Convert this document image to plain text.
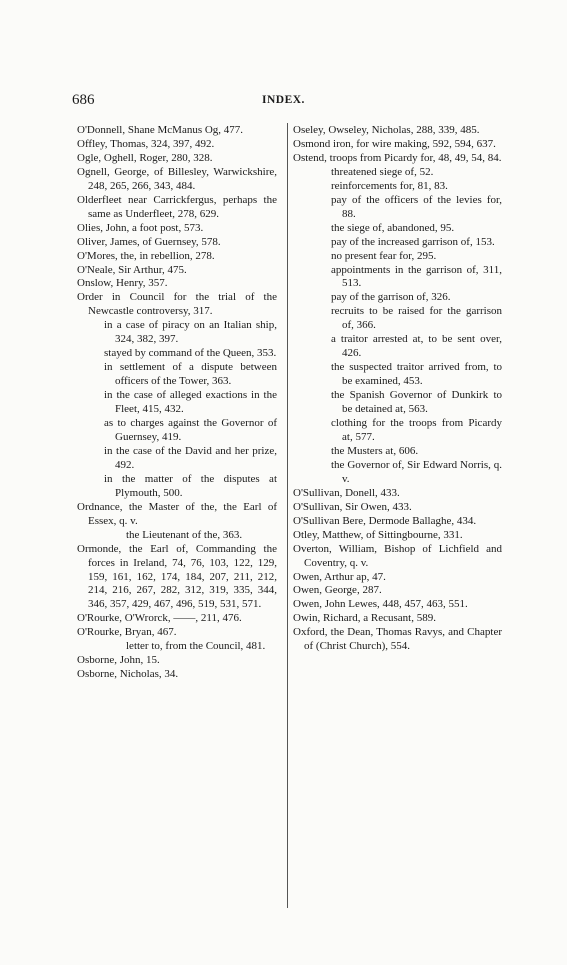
686	INDEX.

O'Donnell, Shane McManus Og, 477.

Offley, Thomas, 324, 397, 492.

Ogle, Oghell, Roger, 280, 328.

Ognell, George, of Billesley, Warwickshire, 248, 265, 266, 343, 484.

Olderfleet near Carrickfergus, perhaps the same as Underfleet, 278, 629.

Olies, John, a foot post, 573.

Oliver, James, of Guernsey, 578.

O'Mores, the, in rebellion, 278.

O'Neale, Sir Arthur, 475.

Onslow, Henry, 357.

Order in Council for the trial of the Newcastle controversy, 317.

in a case of piracy on an Italian ship, 324, 382, 397.

stayed by command of the Queen, 353.

in settlement of a dispute between officers of the Tower, 363.

in the case of alleged exactions in the Fleet, 415, 432.

as to charges against the Governor of Guernsey, 419.

in the case of the David and her prize, 492.

in the matter of the disputes at Plymouth, 500.

Ordnance, the Master of the, the Earl of Essex, q. v.

the Lieutenant of the, 363.

Ormonde, the Earl of, Commanding the forces in Ireland, 74, 76, 103, 122, 129, 159, 161, 162, 174, 184, 207, 211, 212, 214, 216, 267, 282, 312, 319, 335, 344, 346, 357, 429, 467, 496, 519, 531, 571.

O'Rourke, O'Wrorck, ——, 211, 476.

O'Rourke, Bryan, 467.

letter to, from the Council, 481.

Osborne, John, 15.

Osborne, Nicholas, 34.

Oseley, Owseley, Nicholas, 288, 339, 485.

Osmond iron, for wire making, 592, 594, 637.

Ostend, troops from Picardy for, 48, 49, 54, 84.

threatened siege of, 52.

reinforcements for, 81, 83.

pay of the officers of the levies for, 88.

the siege of, abandoned, 95.

pay of the increased garrison of, 153.

no present fear for, 295.

appointments in the garrison of, 311, 513.

pay of the garrison of, 326.

recruits to be raised for the garrison of, 366.

a traitor arrested at, to be sent over, 426.

the suspected traitor arrived from, to be examined, 453.

the Spanish Governor of Dunkirk to be detained at, 563.

clothing for the troops from Picardy at, 577.

the Musters at, 606.

the Governor of, Sir Edward Norris, q. v.

O'Sullivan, Donell, 433.

O'Sullivan, Sir Owen, 433.

O'Sullivan Bere, Dermode Ballaghe, 434.

Otley, Matthew, of Sittingbourne, 331.

Overton, William, Bishop of Lichfield and Coventry, q. v.

Owen, Arthur ap, 47.

Owen, George, 287.

Owen, John Lewes, 448, 457, 463, 551.

Owin, Richard, a Recusant, 589.

Oxford, the Dean, Thomas Ravys, and Chapter of (Christ Church), 554.
